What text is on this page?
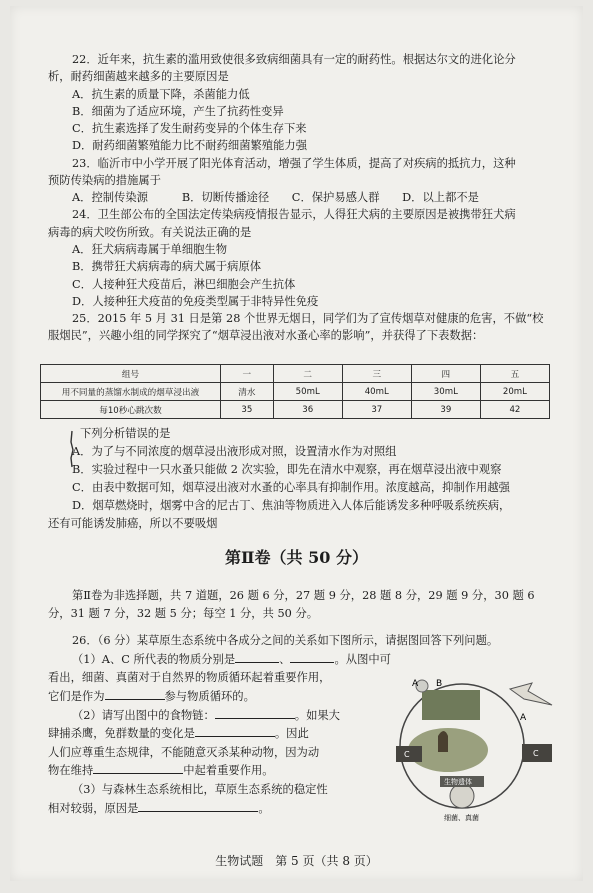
22．近年来，抗生素的滥用致使很多致病细菌具有一定的耐药性。根据达尔文的进化论分
析，耐药细菌越来越多的主要原因是
A．抗生素的质量下降，杀菌能力低
B．细菌为了适应环境，产生了抗药性变异
C．抗生素选择了发生耐药变异的个体生存下来
D．耐药细菌繁殖能力比不耐药细菌繁殖能力强
23．临沂市中小学开展了阳光体育活动，增强了学生体质，提高了对疾病的抵抗力，这种
预防传染病的措施属于
A．控制传染源　　　B．切断传播途径　　C．保护易感人群　　D．以上都不是
24．卫生部公布的全国法定传染病疫情报告显示，人得狂犬病的主要原因是被携带狂犬病
病毒的病犬咬伤所致。有关说法正确的是
A．狂犬病病毒属于单细胞生物
B．携带狂犬病病毒的病犬属于病原体
C．人接种狂犬疫苗后，淋巴细胞会产生抗体
D．人接种狂犬疫苗的免疫类型属于非特异性免疫
25．2015 年 5 月 31 日是第 28 个世界无烟日，同学们为了宣传烟草对健康的危害，不做“校
服烟民”，兴趣小组的同学探究了“烟草浸出液对水蚤心率的影响”，并获得了下表数据：
组号	一	二	三	四	五
用不同量的蒸馏水制成的烟草浸出液	清水	50mL	40mL	30mL	20mL
每10秒心跳次数	35	36	37	39	42
下列分析错误的是
A．为了与不同浓度的烟草浸出液形成对照，设置清水作为对照组
B．实验过程中一只水蚤只能做 2 次实验，即先在清水中观察，再在烟草浸出液中观察
C．由表中数据可知，烟草浸出液对水蚤的心率具有抑制作用。浓度越高，抑制作用越强
D．烟草燃烧时，烟雾中含的尼古丁、焦油等物质进入人体后能诱发多种呼吸系统疾病，
还有可能诱发肺癌，所以不要吸烟
第Ⅱ卷（共 50 分）
第Ⅱ卷为非选择题，共 7 道题，26 题 6 分，27 题 9 分，28 题 8 分，29 题 9 分，30 题 6
分，31 题 7 分，32 题 5 分；每空 1 分，共 50 分。
26．（6 分）某草原生态系统中各成分之间的关系如下图所示，请据图回答下列问题。
（1）A、C 所代表的物质分别是	、	。从图中可
看出，细菌、真菌对于自然界的物质循环起着重要作用，
它们是作为	参与物质循环的。
（2）请写出图中的食物链：	。如果大
肆捕杀鹰，免群数量的变化是	。因此
人们应尊重生态规律，不能随意灭杀某种动物，因为动
物在维持	中起着重要作用。
（3）与森林生态系统相比，草原生态系统的稳定性
相对较弱，原因是	。
A B
A
C	C
生物遗体
细菌、真菌
生物试题　第 5 页（共 8 页）
